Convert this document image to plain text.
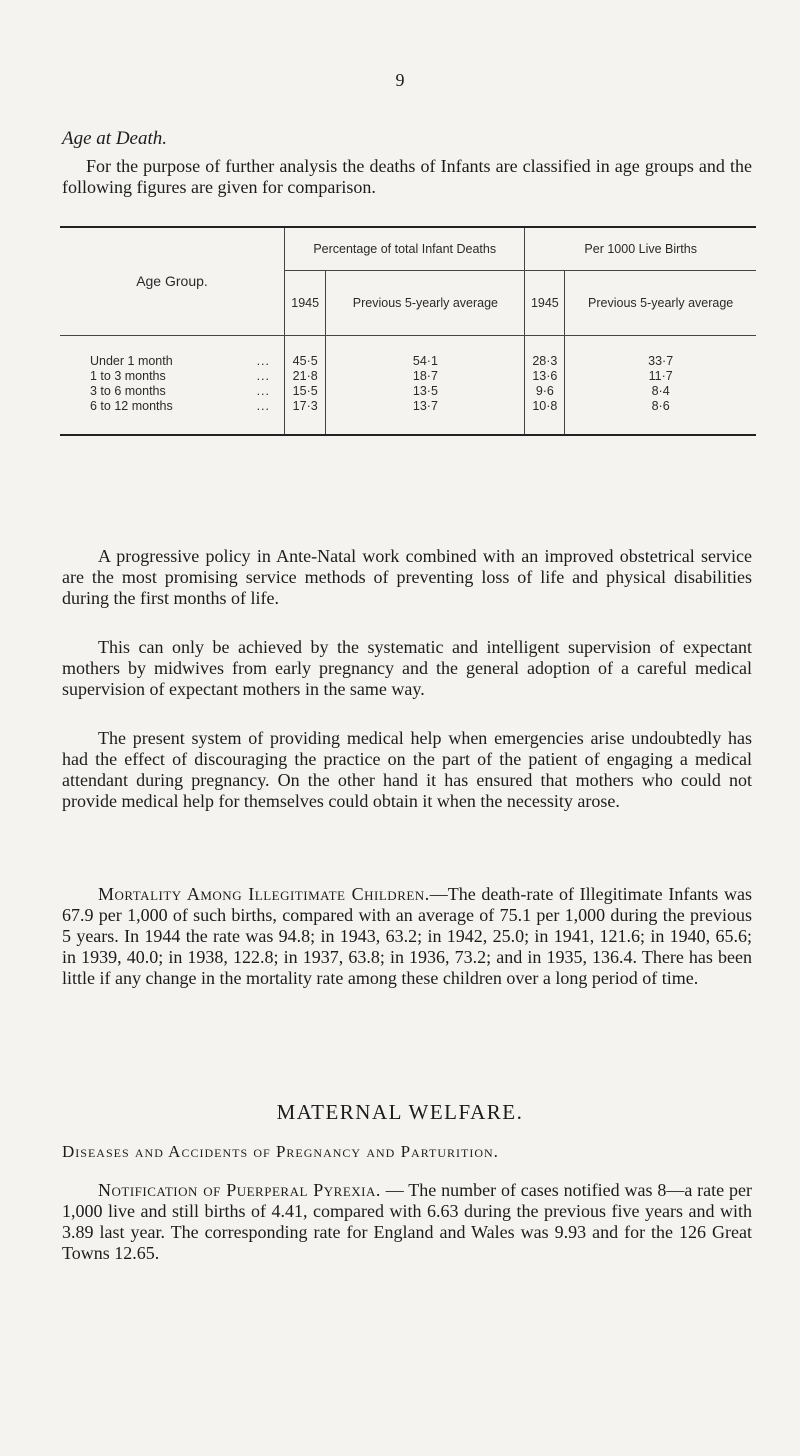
9
Age at Death.

For the purpose of further analysis the deaths of Infants are classified in age groups and the following figures are given for comparison.

Age Group.	Percentage of total Infant Deaths		Per 1000 Live Births	
	1945	Previous 5-yearly average	1945	Previous 5-yearly average
Under 1 month ...	45·5	54·1	28·3	33·7
1 to 3 months ...	21·8	18·7	13·6	11·7
3 to 6 months ...	15·5	13·5	9·6	8·4
6 to 12 months ...	17·3	13·7	10·8	8·6

A progressive policy in Ante-Natal work combined with an improved obstetrical service are the most promising service methods of preventing loss of life and physical disabilities during the first months of life.

This can only be achieved by the systematic and intelligent supervision of expectant mothers by midwives from early pregnancy and the general adoption of a careful medical supervision of expectant mothers in the same way.

The present system of providing medical help when emergencies arise undoubtedly has had the effect of discouraging the practice on the part of the patient of engaging a medical attendant during pregnancy. On the other hand it has ensured that mothers who could not provide medical help for themselves could obtain it when the necessity arose.

Mortality Among Illegitimate Children.—The death-rate of Illegitimate Infants was 67.9 per 1,000 of such births, compared with an average of 75.1 per 1,000 during the previous 5 years. In 1944 the rate was 94.8; in 1943, 63.2; in 1942, 25.0; in 1941, 121.6; in 1940, 65.6; in 1939, 40.0; in 1938, 122.8; in 1937, 63.8; in 1936, 73.2; and in 1935, 136.4. There has been little if any change in the mortality rate among these children over a long period of time.

MATERNAL WELFARE.
Diseases and Accidents of Pregnancy and Parturition.

Notification of Puerperal Pyrexia. — The number of cases notified was 8—a rate per 1,000 live and still births of 4.41, compared with 6.63 during the previous five years and with 3.89 last year. The corresponding rate for England and Wales was 9.93 and for the 126 Great Towns 12.65.
